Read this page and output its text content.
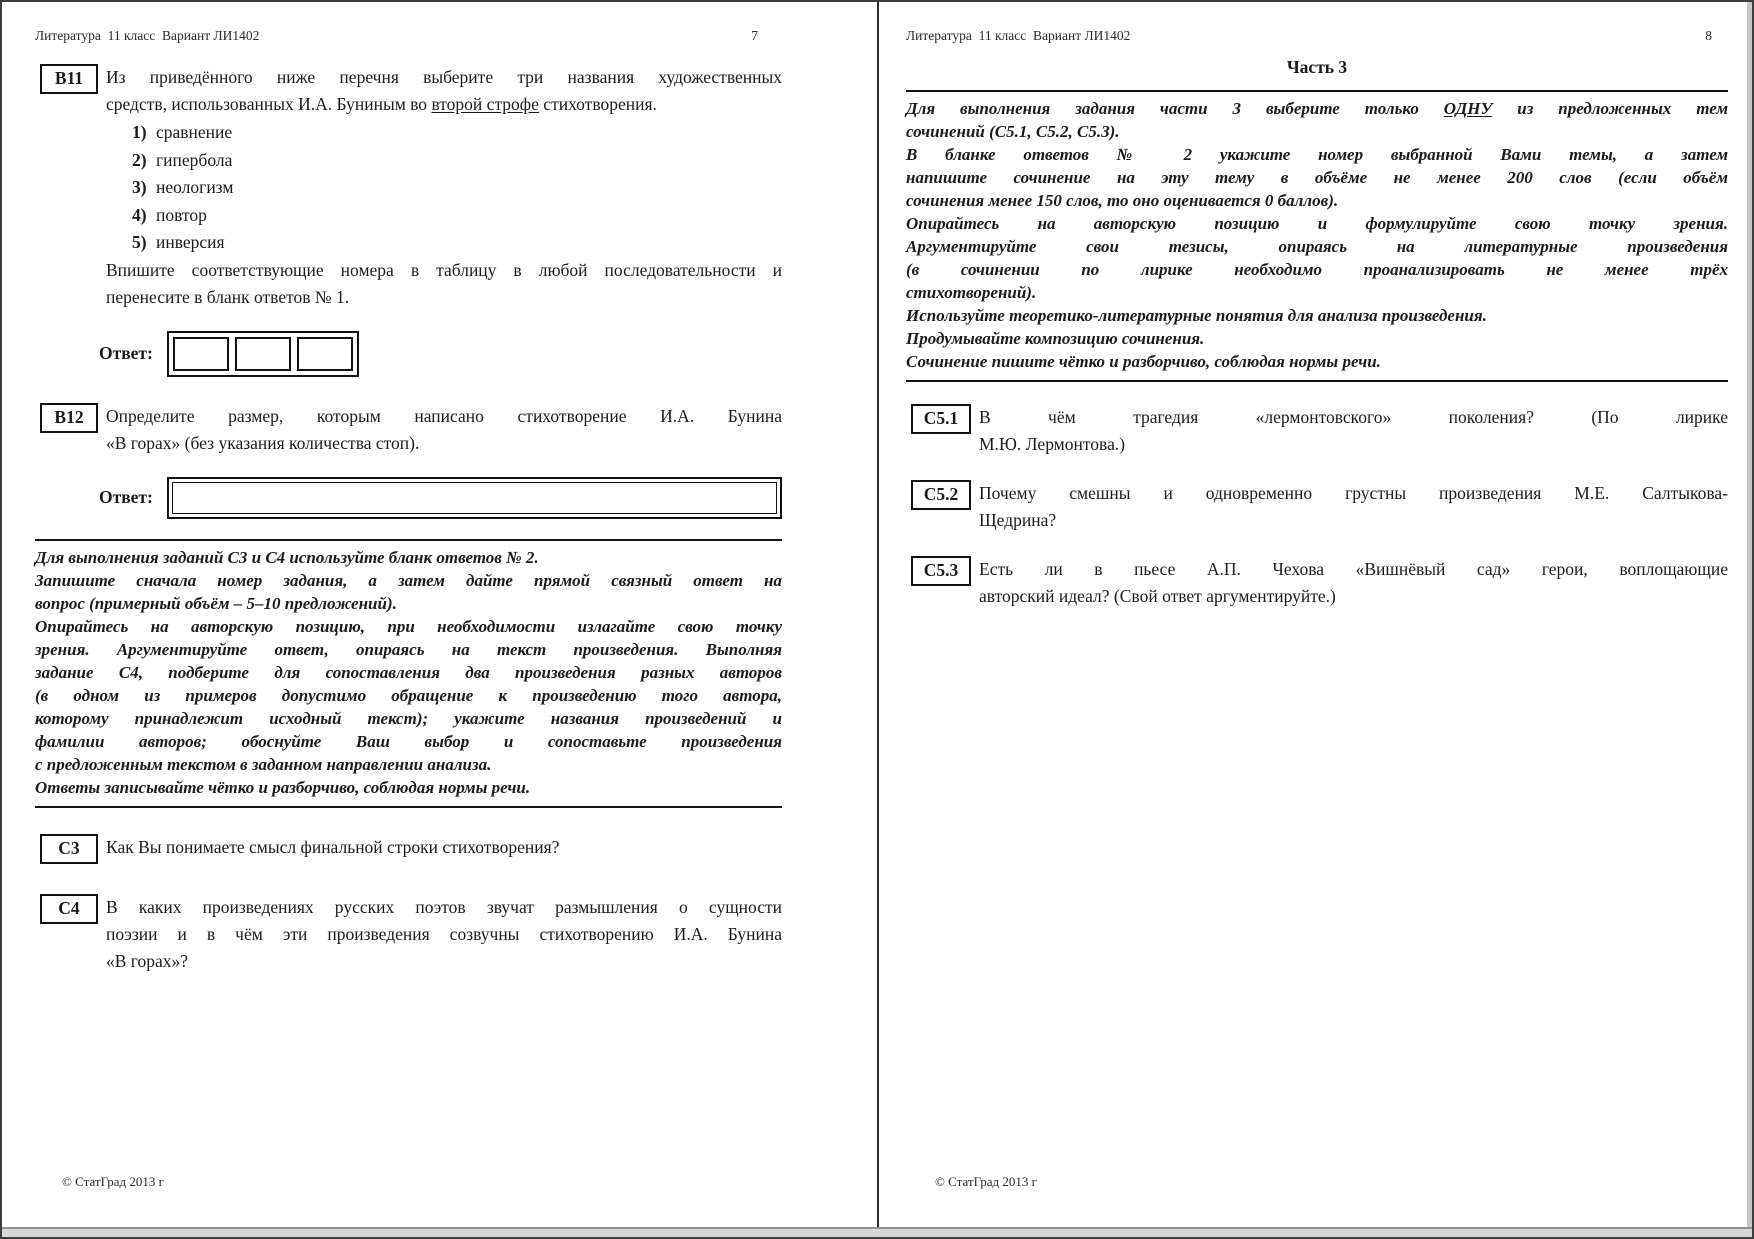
Литература  11 класс  Вариант ЛИ1402	7
В11	Из приведённого ниже перечня выберите три названия художественных
средств, использованных И.А. Буниным во второй строфе стихотворения.
1) сравнение
2) гипербола
3) неологизм
4) повтор
5) инверсия
Впишите соответствующие номера в таблицу в любой последовательности и
перенесите в бланк ответов № 1.
Ответ:
В12	Определите размер, которым написано стихотворение И.А. Бунина
«В горах» (без указания количества стоп).
Ответ:
Для выполнения заданий С3 и С4 используйте бланк ответов № 2.
Запишите сначала номер задания, а затем дайте прямой связный ответ на
вопрос (примерный объём – 5–10 предложений).
Опирайтесь на авторскую позицию, при необходимости излагайте свою точку
зрения. Аргументируйте ответ, опираясь на текст произведения. Выполняя
задание С4, подберите для сопоставления два произведения разных авторов
(в одном из примеров допустимо обращение к произведению того автора,
которому принадлежит исходный текст); укажите названия произведений и
фамилии авторов; обоснуйте Ваш выбор и сопоставьте произведения
с предложенным текстом в заданном направлении анализа.
Ответы записывайте чётко и разборчиво, соблюдая нормы речи.
С3	Как Вы понимаете смысл финальной строки стихотворения?
С4	В каких произведениях русских поэтов звучат размышления о сущности
поэзии и в чём эти произведения созвучны стихотворению И.А. Бунина
«В горах»?
© СтатГрад 2013 г
Литература  11 класс  Вариант ЛИ1402	8
Часть 3
Для выполнения задания части 3 выберите только ОДНУ из предложенных тем
сочинений (С5.1, С5.2, С5.3).
В бланке ответов № 2 укажите номер выбранной Вами темы, а затем
напишите сочинение на эту тему в объёме не менее 200 слов (если объём
сочинения менее 150 слов, то оно оценивается 0 баллов).
Опирайтесь на авторскую позицию и формулируйте свою точку зрения.
Аргументируйте свои тезисы, опираясь на литературные произведения
(в сочинении по лирике необходимо проанализировать не менее трёх
стихотворений).
Используйте теоретико-литературные понятия для анализа произведения.
Продумывайте композицию сочинения.
Сочинение пишите чётко и разборчиво, соблюдая нормы речи.
С5.1	В чём трагедия «лермонтовского» поколения? (По лирике
М.Ю. Лермонтова.)
С5.2	Почему смешны и одновременно грустны произведения М.Е. Салтыкова-
Щедрина?
С5.3	Есть ли в пьесе А.П. Чехова «Вишнёвый сад» герои, воплощающие
авторский идеал? (Свой ответ аргументируйте.)
© СтатГрад 2013 г
